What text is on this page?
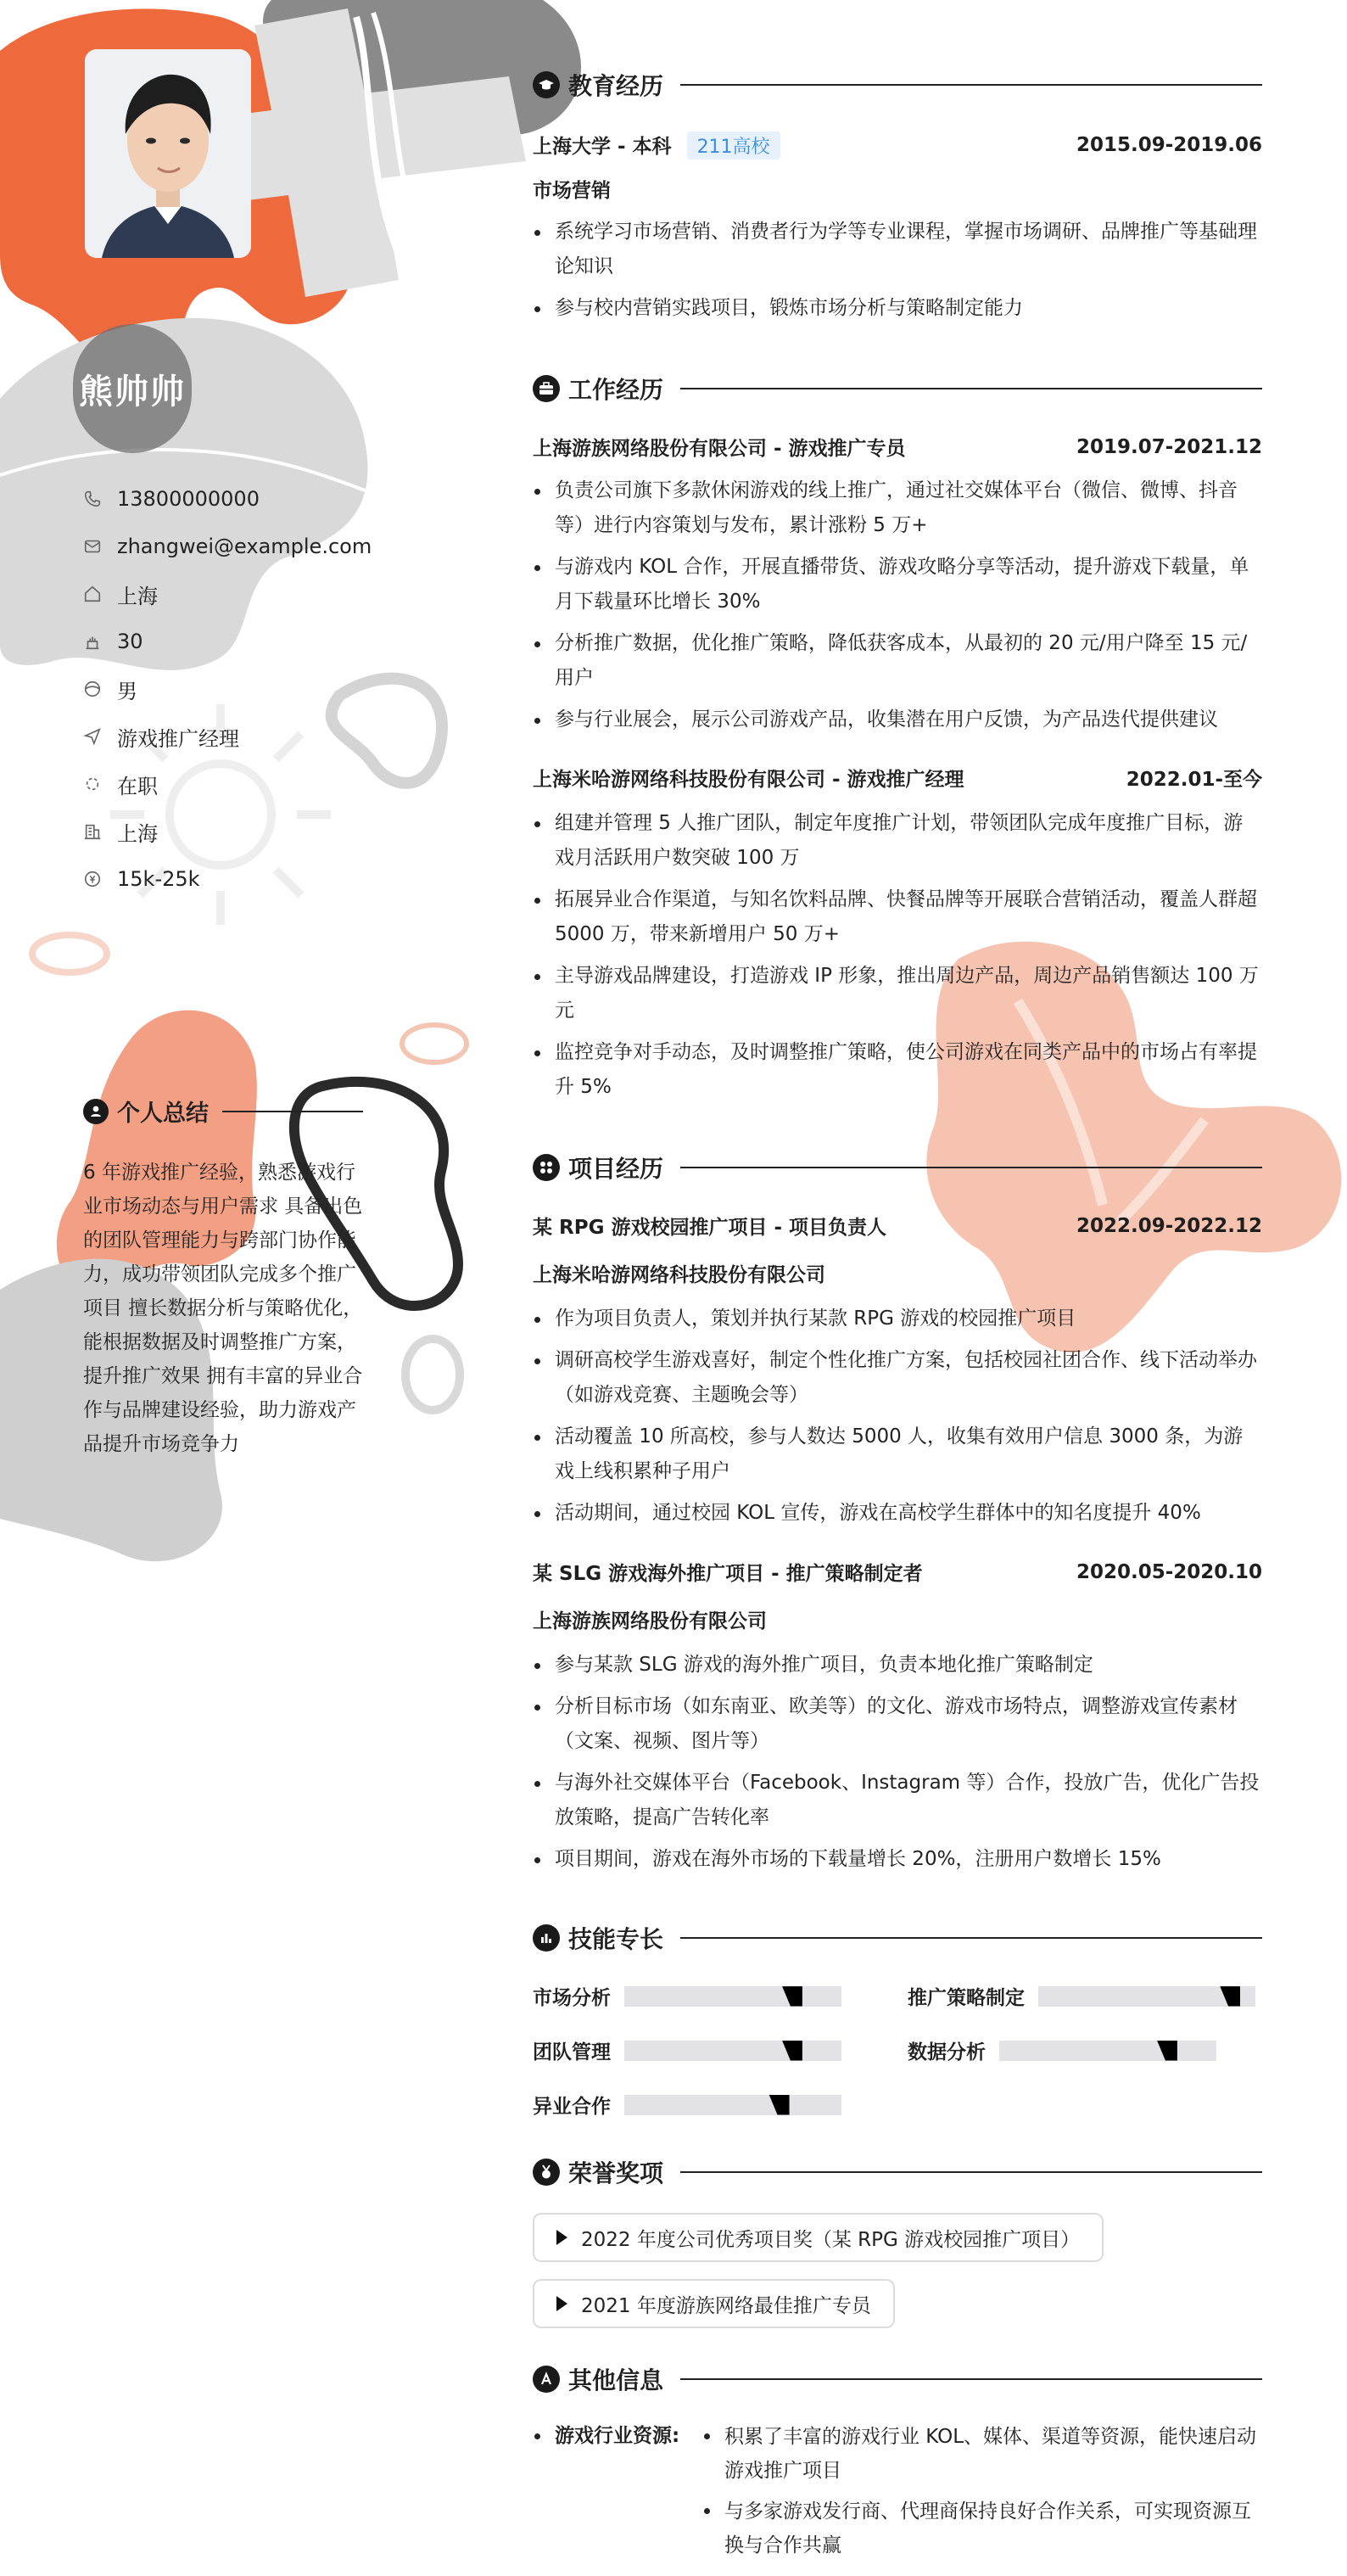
熊帅帅
13800000000
zhangwei@example.com
上海
30
男
游戏推广经理
在职
上海
15k-25k
个人总结

6 年游戏推广经验，熟悉游戏行业市场动态与用户需求 具备出色的团队管理能力与跨部门协作能力，成功带领团队完成多个推广项目 擅长数据分析与策略优化，能根据数据及时调整推广方案，提升推广效果 拥有丰富的异业合作与品牌建设经验，助力游戏产品提升市场竞争力

教育经历
上海大学 - 本科 211高校	2015.09-2019.06
市场营销
系统学习市场营销、消费者行为学等专业课程，掌握市场调研、品牌推广等基础理论知识
参与校内营销实践项目，锻炼市场分析与策略制定能力
工作经历
上海游族网络股份有限公司 - 游戏推广专员	2019.07-2021.12
负责公司旗下多款休闲游戏的线上推广，通过社交媒体平台（微信、微博、抖音等）进行内容策划与发布，累计涨粉 5 万+
与游戏内 KOL 合作，开展直播带货、游戏攻略分享等活动，提升游戏下载量，单月下载量环比增长 30%
分析推广数据，优化推广策略，降低获客成本，从最初的 20 元/用户降至 15 元/用户
参与行业展会，展示公司游戏产品，收集潜在用户反馈，为产品迭代提供建议
上海米哈游网络科技股份有限公司 - 游戏推广经理	2022.01-至今
组建并管理 5 人推广团队，制定年度推广计划，带领团队完成年度推广目标，游戏月活跃用户数突破 100 万
拓展异业合作渠道，与知名饮料品牌、快餐品牌等开展联合营销活动，覆盖人群超 5000 万，带来新增用户 50 万+
主导游戏品牌建设，打造游戏 IP 形象，推出周边产品，周边产品销售额达 100 万元
监控竞争对手动态，及时调整推广策略，使公司游戏在同类产品中的市场占有率提升 5%
项目经历
某 RPG 游戏校园推广项目 - 项目负责人	2022.09-2022.12
上海米哈游网络科技股份有限公司
作为项目负责人，策划并执行某款 RPG 游戏的校园推广项目
调研高校学生游戏喜好，制定个性化推广方案，包括校园社团合作、线下活动举办（如游戏竞赛、主题晚会等）
活动覆盖 10 所高校，参与人数达 5000 人，收集有效用户信息 3000 条，为游戏上线积累种子用户
活动期间，通过校园 KOL 宣传，游戏在高校学生群体中的知名度提升 40%
某 SLG 游戏海外推广项目 - 推广策略制定者	2020.05-2020.10
上海游族网络股份有限公司
参与某款 SLG 游戏的海外推广项目，负责本地化推广策略制定
分析目标市场（如东南亚、欧美等）的文化、游戏市场特点，调整游戏宣传素材（文案、视频、图片等）
与海外社交媒体平台（Facebook、Instagram 等）合作，投放广告，优化广告投放策略，提高广告转化率
项目期间，游戏在海外市场的下载量增长 20%，注册用户数增长 15%
技能专长
市场分析	推广策略制定
团队管理	数据分析
异业合作
荣誉奖项
2022 年度公司优秀项目奖（某 RPG 游戏校园推广项目）
2021 年度游族网络最佳推广专员
其他信息
游戏行业资源:	积累了丰富的游戏行业 KOL、媒体、渠道等资源，能快速启动游戏推广项目
与多家游戏发行商、代理商保持良好合作关系，可实现资源互换与合作共赢
